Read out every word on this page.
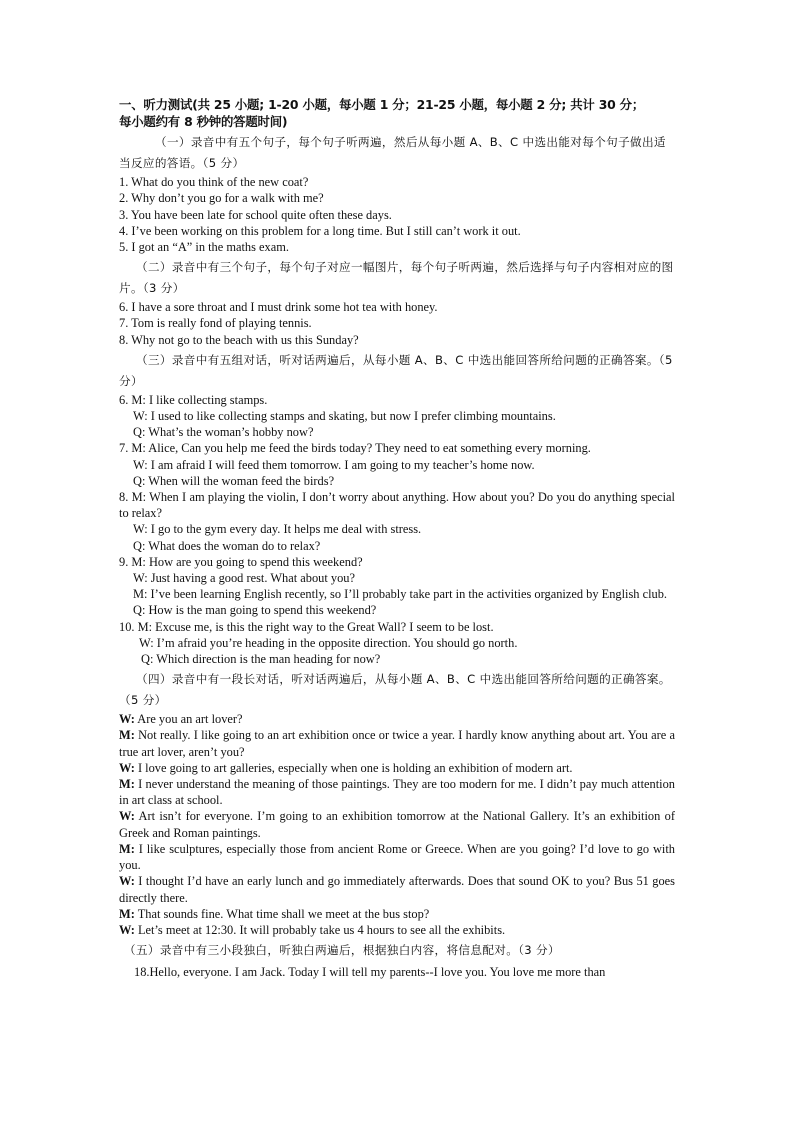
一、听力测试(共 25 小题; 1-20 小题，每小题 1 分；21-25 小题，每小题 2 分; 共计 30 分；
每小题约有 8 秒钟的答题时间)
（一）录音中有五个句子，每个句子听两遍，然后从每小题 A、B、C 中选出能对每个句子做出适当反应的答语。（5 分）
1. What do you think of the new coat?
2. Why don’t you go for a walk with me?
3. You have been late for school quite often these days.
4. I’ve been working on this problem for a long time. But I still can’t work it out.
5. I got an “A” in the maths exam.
（二）录音中有三个句子，每个句子对应一幅图片，每个句子听两遍，然后选择与句子内容相对应的图片。（3 分）
6. I have a sore throat and I must drink some hot tea with honey.
7. Tom is really fond of playing tennis.
8. Why not go to the beach with us this Sunday?
（三）录音中有五组对话，听对话两遍后，从每小题 A、B、C 中选出能回答所给问题的正确答案。（5 分）
6. M: I like collecting stamps.
W: I used to like collecting stamps and skating, but now I prefer climbing mountains.
Q: What’s the woman’s hobby now?
7. M: Alice, Can you help me feed the birds today? They need to eat something every morning.
W: I am afraid I will feed them tomorrow. I am going to my teacher’s home now.
Q: When will the woman feed the birds?
8. M: When I am playing the violin, I don’t worry about anything. How about you? Do you do anything special to relax?
W: I go to the gym every day. It helps me deal with stress.
Q: What does the woman do to relax?
9. M: How are you going to spend this weekend?
W: Just having a good rest. What about you?
M: I’ve been learning English recently, so I’ll probably take part in the activities organized by English club.
Q: How is the man going to spend this weekend?
10. M: Excuse me, is this the right way to the Great Wall? I seem to be lost.
W: I’m afraid you’re heading in the opposite direction. You should go north.
Q: Which direction is the man heading for now?
（四）录音中有一段长对话，听对话两遍后，从每小题 A、B、C 中选出能回答所给问题的正确答案。（5 分）
W: Are you an art lover?
M: Not really. I like going to an art exhibition once or twice a year. I hardly know anything about art. You are a true art lover, aren’t you?
W: I love going to art galleries, especially when one is holding an exhibition of modern art.
M: I never understand the meaning of those paintings. They are too modern for me. I didn’t pay much attention in art class at school.
W: Art isn’t for everyone. I’m going to an exhibition tomorrow at the National Gallery. It’s an exhibition of Greek and Roman paintings.
M: I like sculptures, especially those from ancient Rome or Greece. When are you going? I’d love to go with you.
W: I thought I’d have an early lunch and go immediately afterwards. Does that sound OK to you? Bus 51 goes directly there.
M: That sounds fine. What time shall we meet at the bus stop?
W: Let’s meet at 12:30. It will probably take us 4 hours to see all the exhibits.
（五）录音中有三小段独白，听独白两遍后，根据独白内容，将信息配对。（3 分）
18.Hello, everyone. I am Jack. Today I will tell my parents--I love you. You love me more than
